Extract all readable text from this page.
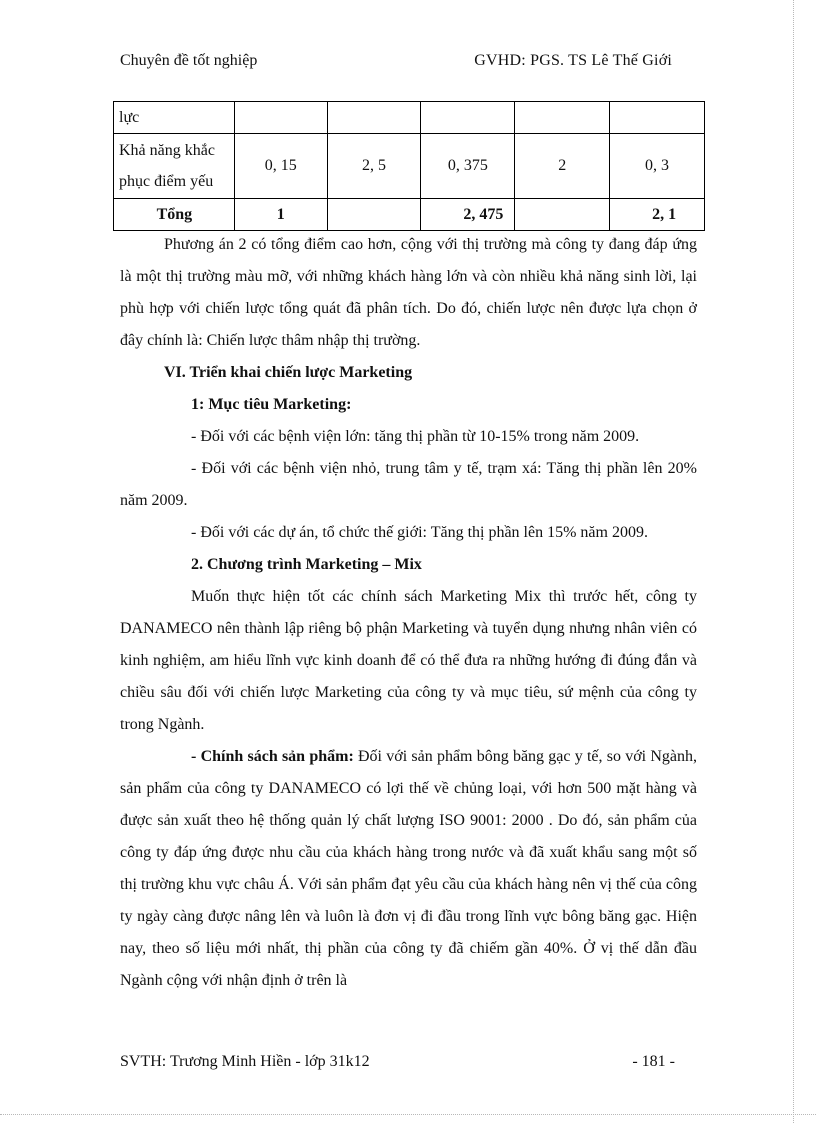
Chuyên đề tốt nghiệp	GVHD: PGS. TS Lê Thế Giới
lực					

Khả năng khắc
phục điểm yếu	0, 15	2, 5	0, 375	2	0, 3
Tổng	1		2, 475		2, 1

Phương án 2 có tổng điểm cao hơn, cộng với thị trường mà công ty đang đáp ứng là một thị trường màu mỡ, với những khách hàng lớn và còn nhiều khả năng sinh lời, lại phù hợp với chiến lược tổng quát đã phân tích. Do đó, chiến lược nên được lựa chọn ở đây chính là: Chiến lược thâm nhập thị trường.

VI. Triển khai chiến lược Marketing

1: Mục tiêu Marketing:

- Đối với các bệnh viện lớn: tăng thị phần từ 10-15% trong năm 2009.

- Đối với các bệnh viện nhỏ, trung tâm y tế, trạm xá: Tăng thị phần lên 20% năm 2009.

- Đối với các dự án, tổ chức thế giới: Tăng thị phần lên 15% năm 2009.

2. Chương trình Marketing – Mix

Muốn thực hiện tốt các chính sách Marketing Mix thì trước hết, công ty DANAMECO nên thành lập riêng bộ phận Marketing và tuyển dụng nhưng nhân viên có kinh nghiệm, am hiểu lĩnh vực kinh doanh để có thể đưa ra những hướng đi đúng đắn và chiều sâu đối với chiến lược Marketing của công ty và mục tiêu, sứ mệnh của công ty trong Ngành.

- Chính sách sản phẩm: Đối với sản phẩm bông băng gạc y tế, so với Ngành, sản phẩm của công ty DANAMECO có lợi thế về chủng loại, với hơn 500 mặt hàng và được sản xuất theo hệ thống quản lý chất lượng ISO 9001: 2000 . Do đó, sản phẩm của công ty đáp ứng được nhu cầu của khách hàng trong nước và đã xuất khẩu sang một số thị trường khu vực châu Á. Với sản phẩm đạt yêu cầu của khách hàng nên vị thế của công ty ngày càng được nâng lên và luôn là đơn vị đi đầu trong lĩnh vực bông băng gạc. Hiện nay, theo số liệu mới nhất, thị phần của công ty đã chiếm gần 40%. Ở vị thế dẫn đầu Ngành cộng với nhận định ở trên là

SVTH: Trương Minh Hiền - lớp 31k12	- 181 -
